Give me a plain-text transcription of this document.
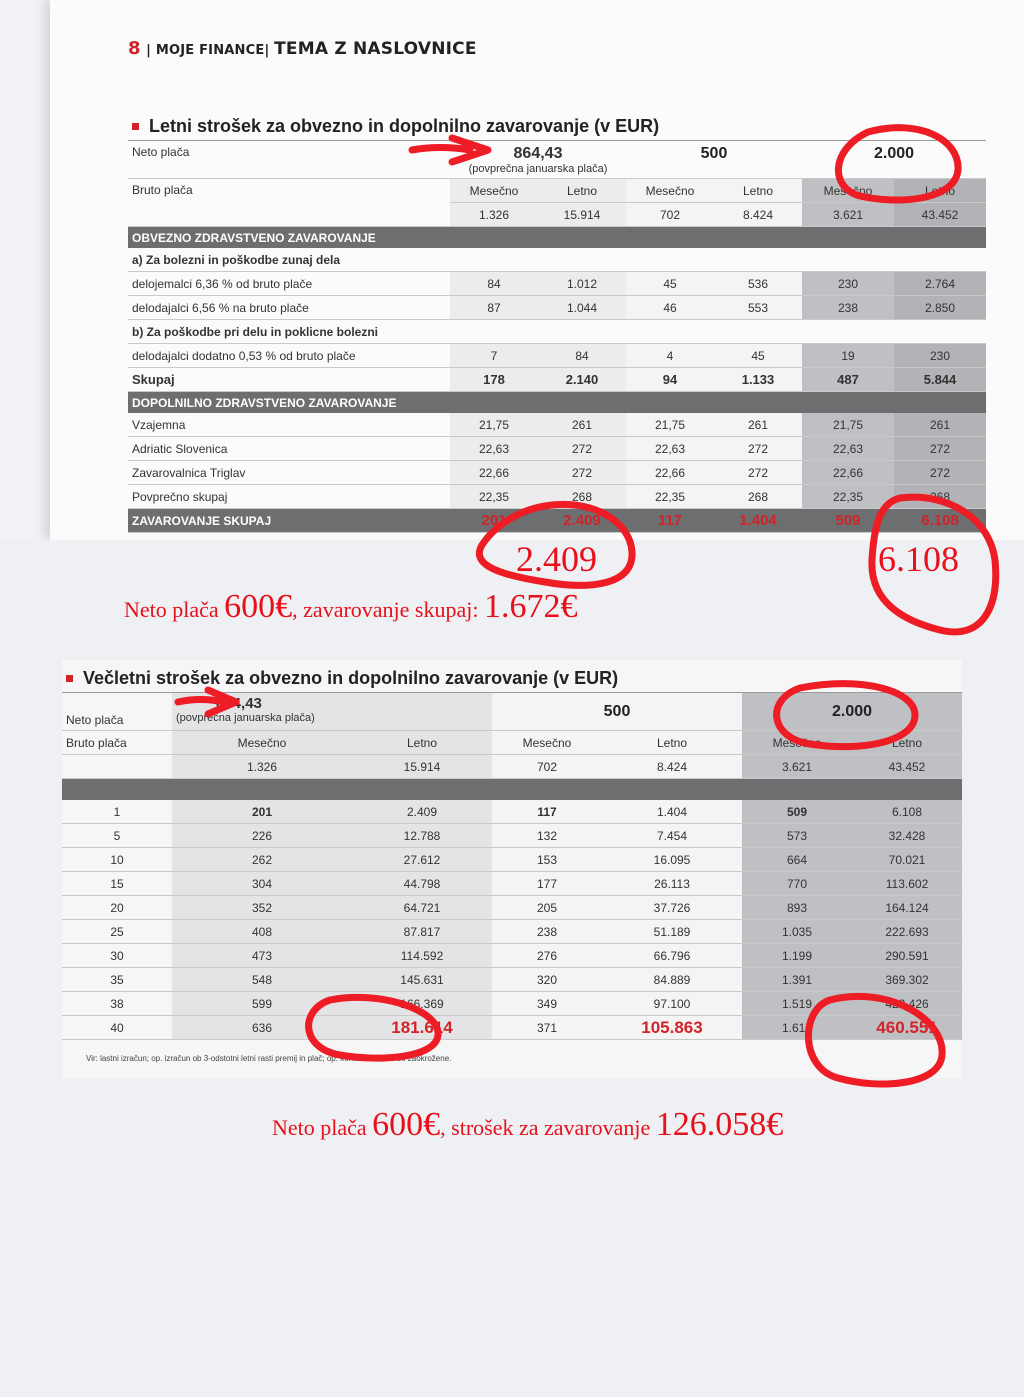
8 | MOJE FINANCE| TEMA Z NASLOVNICE
Letni strošek za obvezno in dopolnilno zavarovanje (v EUR)						
Neto plača	864,43
(povprečna januarska plača)		500		2.000	
Bruto plača	Mesečno	Letno	Mesečno	Letno	Mesečno	Letno
	1.326	15.914	702	8.424	3.621	43.452
OBVEZNO ZDRAVSTVENO ZAVAROVANJE						
a) Za bolezni in poškodbe zunaj dela						
delojemalci 6,36 % od bruto plače	84	1.012	45	536	230	2.764
delodajalci 6,56 % na bruto plače	87	1.044	46	553	238	2.850
b) Za poškodbe pri delu in poklicne bolezni						
delodajalci dodatno 0,53 % od bruto plače	7	84	4	45	19	230
Skupaj	178	2.140	94	1.133	487	5.844
DOPOLNILNO ZDRAVSTVENO ZAVAROVANJE						
Vzajemna	21,75	261	21,75	261	21,75	261
Adriatic Slovenica	22,63	272	22,63	272	22,63	272
Zavarovalnica Triglav	22,66	272	22,66	272	22,66	272
Povprečno skupaj	22,35	268	22,35	268	22,35	268
ZAVAROVANJE SKUPAJ	201	2.409	117	1.404	509	6.108
2.409	6.108
Neto plača 600€, zavarovanje skupaj: 1.672€
Večletni strošek za obvezno in dopolnilno zavarovanje (v EUR)						
Neto plača	864,43
(povprečna januarska plača)		500		2.000	
Bruto plača	Mesečno	Letno	Mesečno	Letno	Mesečno	Letno
	1.326	15.914	702	8.424	3.621	43.452

1	201	2.409	117	1.404	509	6.108
5	226	12.788	132	7.454	573	32.428
10	262	27.612	153	16.095	664	70.021
15	304	44.798	177	26.113	770	113.602
20	352	64.721	205	37.726	893	164.124
25	408	87.817	238	51.189	1.035	222.693
30	473	114.592	276	66.796	1.199	290.591
35	548	145.631	320	84.889	1.391	369.302
38	599	166.369	349	97.100	1.519	422.426
40	636	181.614	371	105.863	1.612	460.551
Vir: lastni izračun; op. izračun ob 3-odstotni letni rasti premij in plač; op. končne številke so zaokrožene.
Neto plača 600€, strošek za zavarovanje 126.058€
